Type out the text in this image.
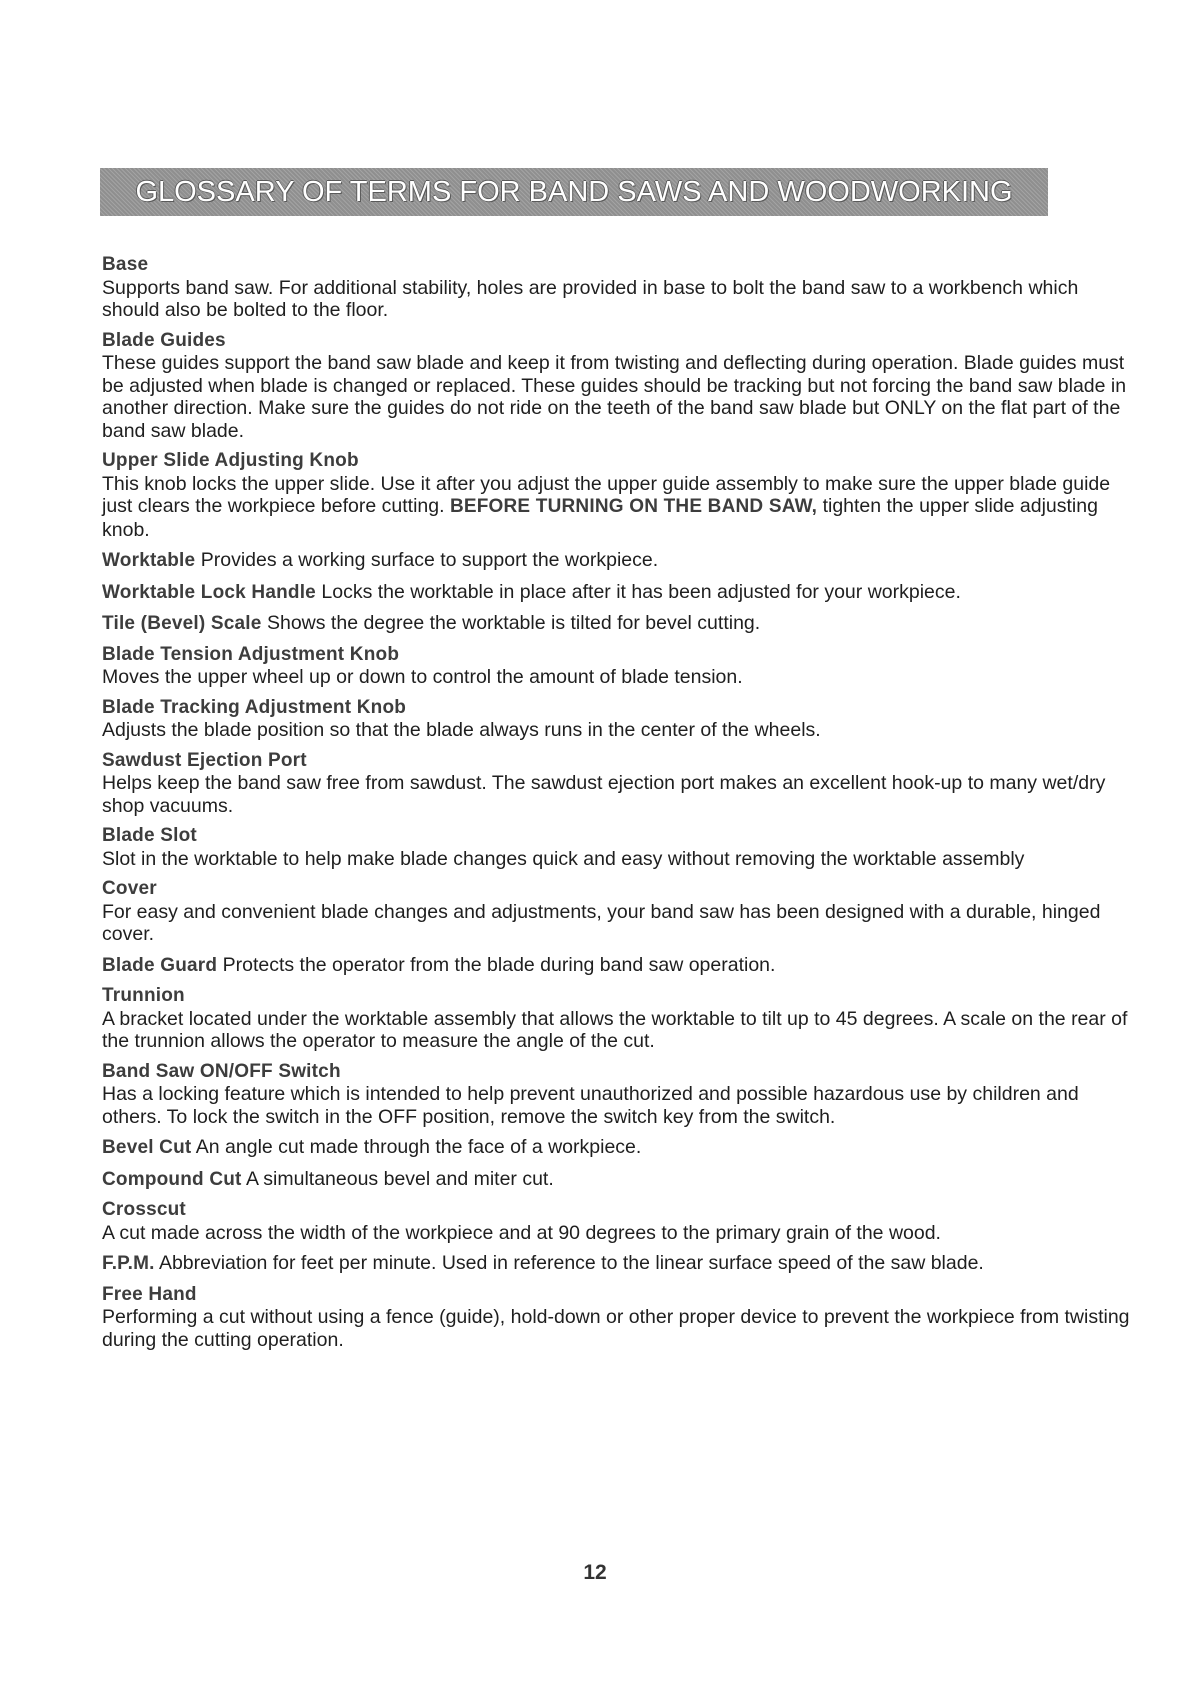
GLOSSARY OF TERMS FOR BAND SAWS AND WOODWORKING
Base
Supports band saw. For additional stability, holes are provided in base to bolt the band saw to a workbench which should also be bolted to the floor.
Blade Guides
These guides support the band saw blade and keep it from twisting and deflecting during operation. Blade guides must be adjusted when blade is changed or replaced. These guides should be tracking but not forcing the band saw blade in another direction. Make sure the guides do not ride on the teeth of the band saw blade but ONLY on the flat part of the band saw blade.
Upper Slide Adjusting Knob
This knob locks the upper slide. Use it after you adjust the upper guide assembly to make sure the upper blade guide just clears the workpiece before cutting. BEFORE TURNING ON THE BAND SAW, tighten the upper slide adjusting knob.
Worktable Provides a working surface to support the workpiece.
Worktable Lock Handle Locks the worktable in place after it has been adjusted for your workpiece.
Tile (Bevel) Scale Shows the degree the worktable is tilted for bevel cutting.
Blade Tension Adjustment Knob
Moves the upper wheel up or down to control the amount of blade tension.
Blade Tracking Adjustment Knob
Adjusts the blade position so that the blade always runs in the center of the wheels.
Sawdust Ejection Port
Helps keep the band saw free from sawdust. The sawdust ejection port makes an excellent hook-up to many wet/dry shop vacuums.
Blade Slot
Slot in the worktable to help make blade changes quick and easy without removing the worktable assembly
Cover
For easy and convenient blade changes and adjustments, your band saw has been designed with a durable, hinged cover.
Blade Guard Protects the operator from the blade during band saw operation.
Trunnion
A bracket located under the worktable assembly that allows the worktable to tilt up to 45 degrees. A scale on the rear of the trunnion allows the operator to measure the angle of the cut.
Band Saw ON/OFF Switch
Has a locking feature which is intended to help prevent unauthorized and possible hazardous use by children and others. To lock the switch in the OFF position, remove the switch key from the switch.
Bevel Cut An angle cut made through the face of a workpiece.
Compound Cut A simultaneous bevel and miter cut.
Crosscut
A cut made across the width of the workpiece and at 90 degrees to the primary grain of the wood.
F.P.M. Abbreviation for feet per minute. Used in reference to the linear surface speed of the saw blade.
Free Hand
Performing a cut without using a fence (guide), hold-down or other proper device to prevent the workpiece from twisting during the cutting operation.
12
